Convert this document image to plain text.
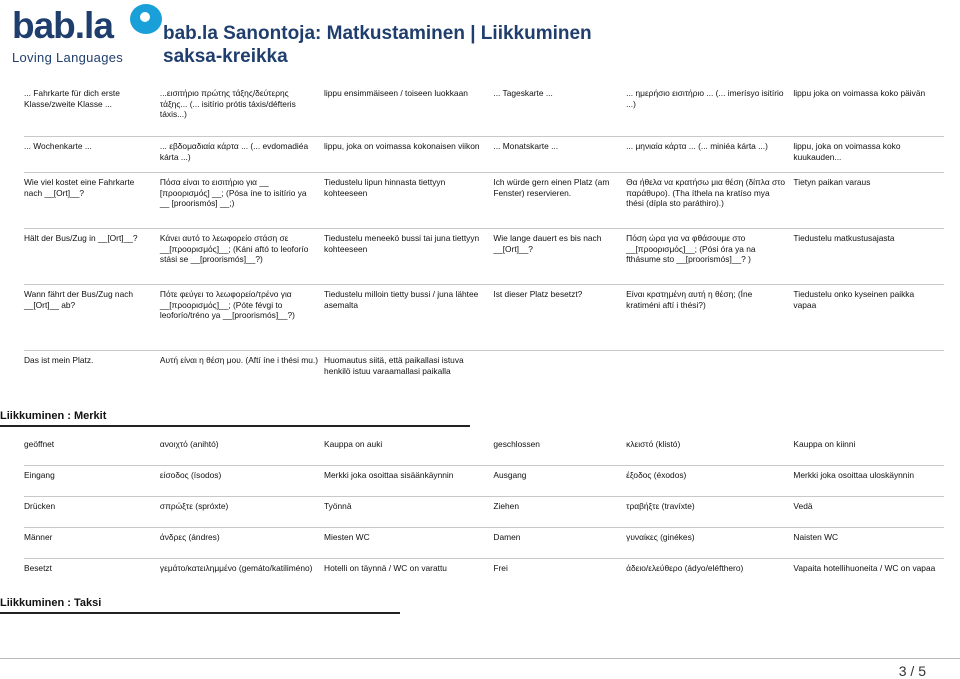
bab.la
Loving Languages
bab.la Sanontoja: Matkustaminen | Liikkuminen
saksa-kreikka
... Fahrkarte für dich erste Klasse/zweite Klasse ...	...εισιτήριο πρώτης τάξης/δεύτερης τάξης... (... isitírio prótis táxis/défteris táxis...)	lippu ensimmäiseen / toiseen luokkaan	... Tageskarte ...	... ημερήσιο εισιτήριο ... (... imerísyo isitírio ...)	lippu joka on voimassa koko päivän
... Wochenkarte ...	... εβδομαδιαία κάρτα ... (... evdomadiéa kárta ...)	lippu, joka on voimassa kokonaisen viikon	... Monatskarte ...	... μηνιαία κάρτα ... (... miniéa kárta ...)	lippu, joka on voimassa koko kuukauden...
Wie viel kostet eine Fahrkarte nach __[Ort]__?	Πόσα είναι το εισιτήριο για __ [προορισμός] __; (Pósa íne to isitírio ya __ [proorismós] __;)	Tiedustelu lipun hinnasta tiettyyn kohteeseen	Ich würde gern einen Platz (am Fenster) reservieren.	Θα ήθελα να κρατήσω μια θέση (δίπλα στο παράθυρο). (Tha íthela na kratíso mya thési (dípla sto paráthiro).)	Tietyn paikan varaus
Hält der Bus/Zug in __[Ort]__?	Κάνει αυτό το λεωφορείο στάση σε __[προορισμός]__; (Káni aftó to leoforío stási se __[proorismós]__?)	Tiedustelu meneekö bussi tai juna tiettyyn kohteeseen	Wie lange dauert es bis nach __[Ort]__?	Πόση ώρα για να φθάσουμε στο __[προορισμός]__; (Pósi óra ya na fthásume sto __[proorismós]__? )	Tiedustelu matkustusajasta
Wann fährt der Bus/Zug nach __[Ort]__ ab?	Πότε φεύγει το λεωφορείο/τρένο για __[προορισμός]__; (Póte févgi to leoforío/tréno ya __[proorismós]__?)	Tiedustelu milloin tietty bussi / juna lähtee asemalta	Ist dieser Platz besetzt?	Είναι κρατημένη αυτή η θέση; (Íne kratiméni aftí i thési?)	Tiedustelu onko kyseinen paikka vapaa
Das ist mein Platz.	Αυτή είναι η θέση μου. (Aftí íne i thési mu.)	Huomautus siitä, että paikallasi istuva henkilö istuu varaamallasi paikalla			
Liikkuminen : Merkit
geöffnet	ανοιχτό (anihtó)	Kauppa on auki	geschlossen	κλειστό (klistó)	Kauppa on kiinni
Eingang	είσοδος (ísodos)	Merkki joka osoittaa sisäänkäynnin	Ausgang	έξοδος (éxodos)	Merkki joka osoittaa uloskäynnin
Drücken	σπρώξτε (spróxte)	Työnnä	Ziehen	τραβήξτε (travíxte)	Vedä
Männer	άνδρες (ándres)	Miesten WC	Damen	γυναίκες (ginékes)	Naisten WC
Besetzt	γεμάτο/κατειλημμένο (gemáto/katiliméno)	Hotelli on täynnä / WC on varattu	Frei	άδειο/ελεύθερο (ádyo/eléfthero)	Vapaita hotellihuoneita / WC on vapaa
Liikkuminen : Taksi
3 / 5
